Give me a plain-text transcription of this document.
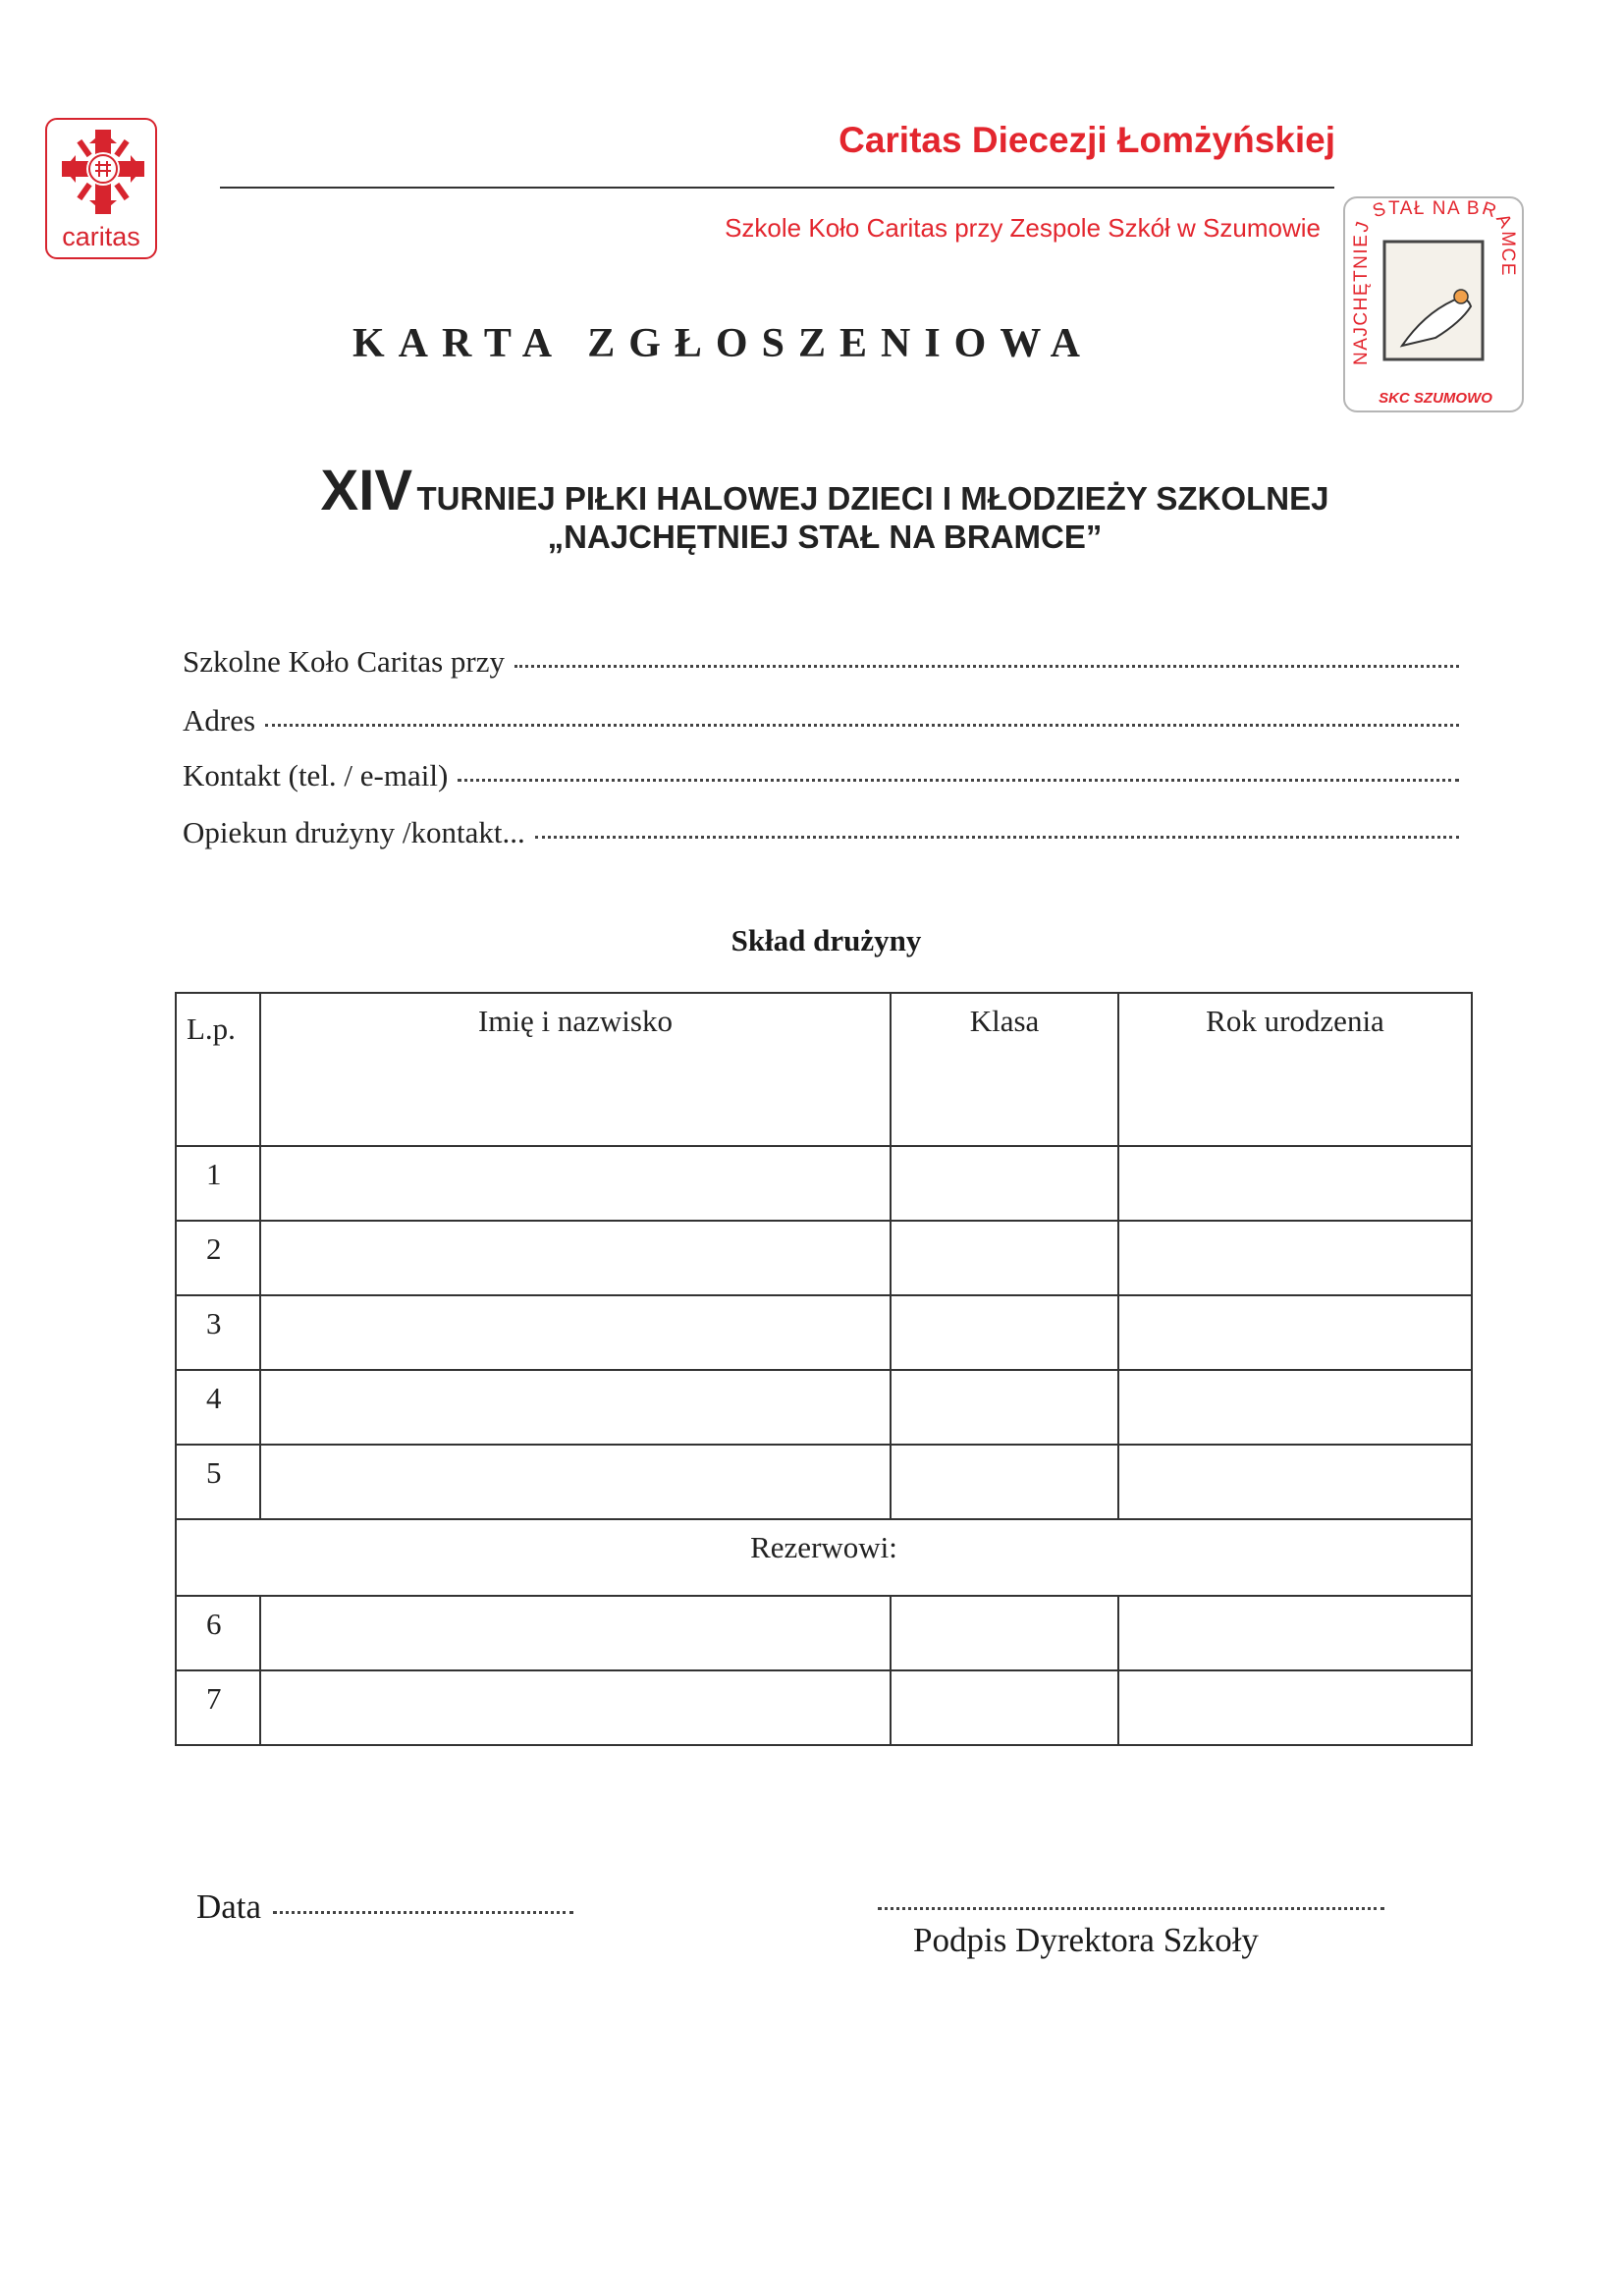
caritas
Caritas Diecezji Łomżyńskiej
Szkole Koło Caritas przy Zespole Szkół w Szumowie
NAJCHĘTNIEJ STAŁ NA BRAMCE
SKC SZUMOWO
KARTA ZGŁOSZENIOWA
XIV TURNIEJ PIŁKI HALOWEJ DZIECI I MŁODZIEŻY SZKOLNEJ
„NAJCHĘTNIEJ STAŁ NA BRAMCE”
Szkolne Koło Caritas przy
Adres
Kontakt (tel. / e-mail)
Opiekun drużyny /kontakt...
Skład drużyny
L.p.	Imię i nazwisko	Klasa	Rok urodzenia
1			
2			
3			
4			
5			
Rezerwowi:			
6			
7			
Data
Podpis Dyrektora Szkoły
